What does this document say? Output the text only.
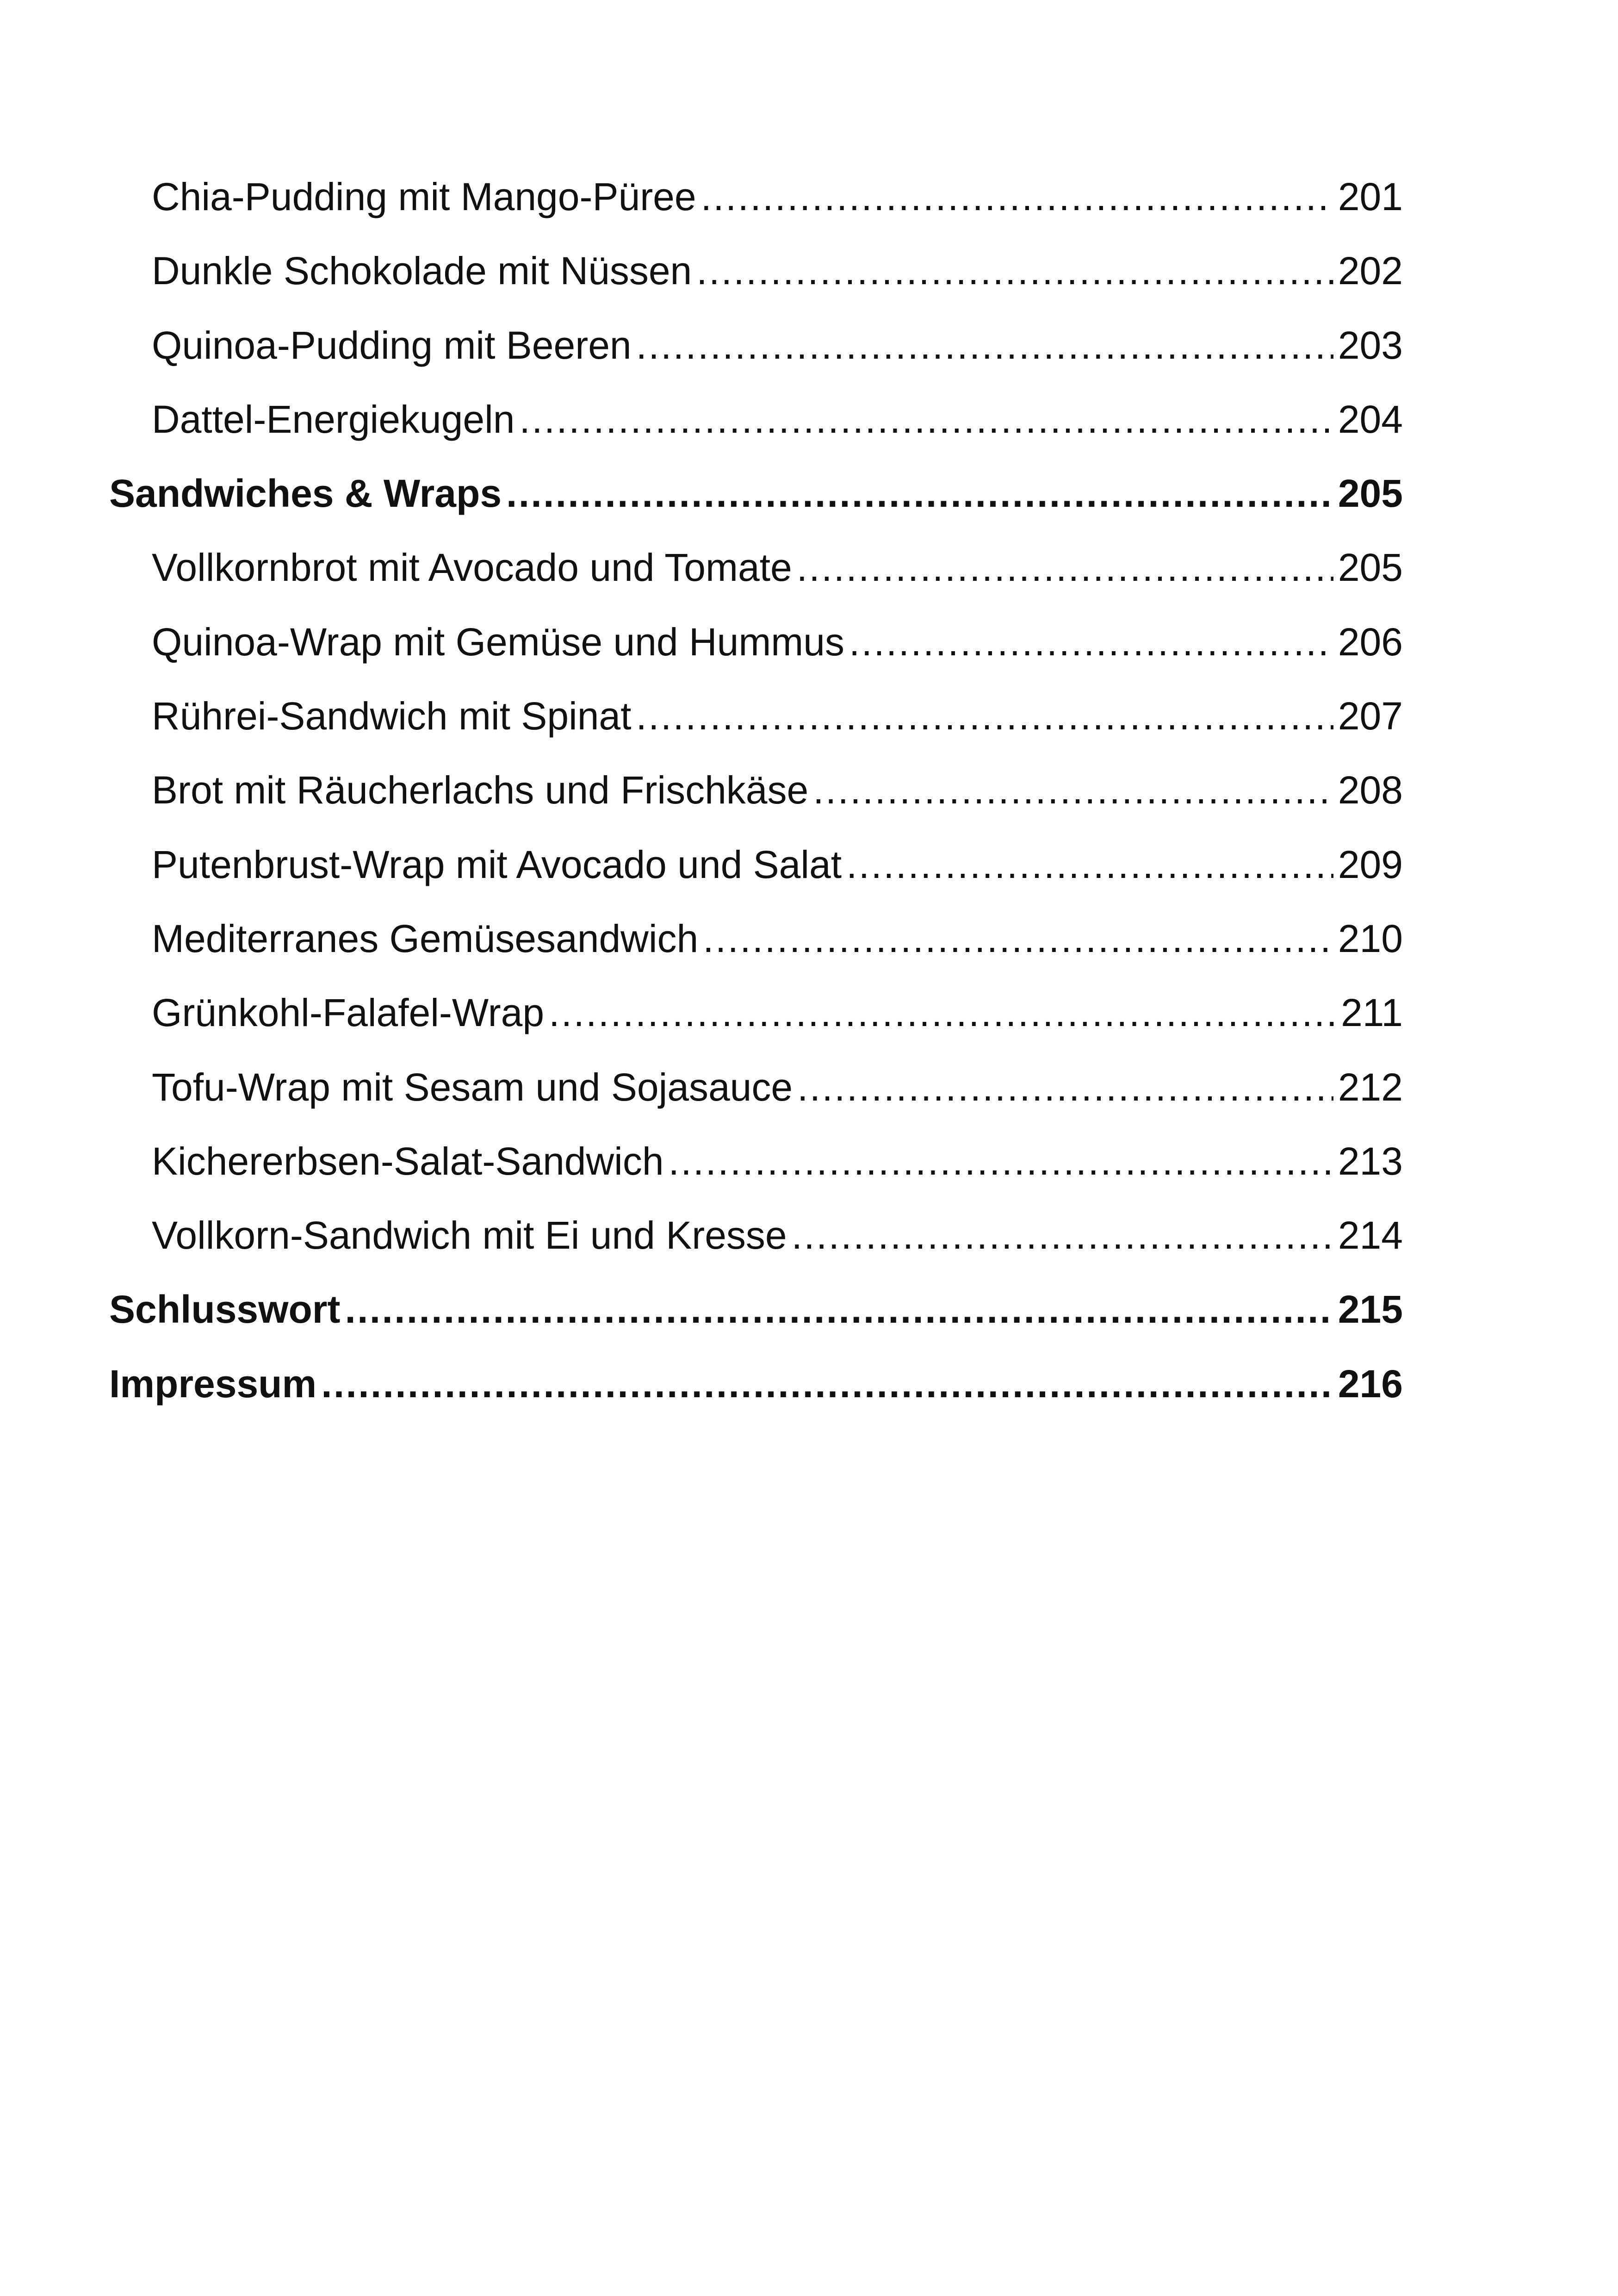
Chia-Pudding mit Mango-Püree . . .	201
Dunkle Schokolade mit Nüssen . . .	202
Quinoa-Pudding mit Beeren . . .	203
Dattel-Energiekugeln . . .	204
Sandwiches & Wraps . . .	205
Vollkornbrot mit Avocado und Tomate . . .	205
Quinoa-Wrap mit Gemüse und Hummus . . .	206
Rührei-Sandwich mit Spinat . . .	207
Brot mit Räucherlachs und Frischkäse . . .	208
Putenbrust-Wrap mit Avocado und Salat . . .	209
Mediterranes Gemüsesandwich . . .	210
Grünkohl-Falafel-Wrap . . .	211
Tofu-Wrap mit Sesam und Sojasauce . . .	212
Kichererbsen-Salat-Sandwich . . .	213
Vollkorn-Sandwich mit Ei und Kresse . . .	214
Schlusswort . . .	215
Impressum . . .	216
